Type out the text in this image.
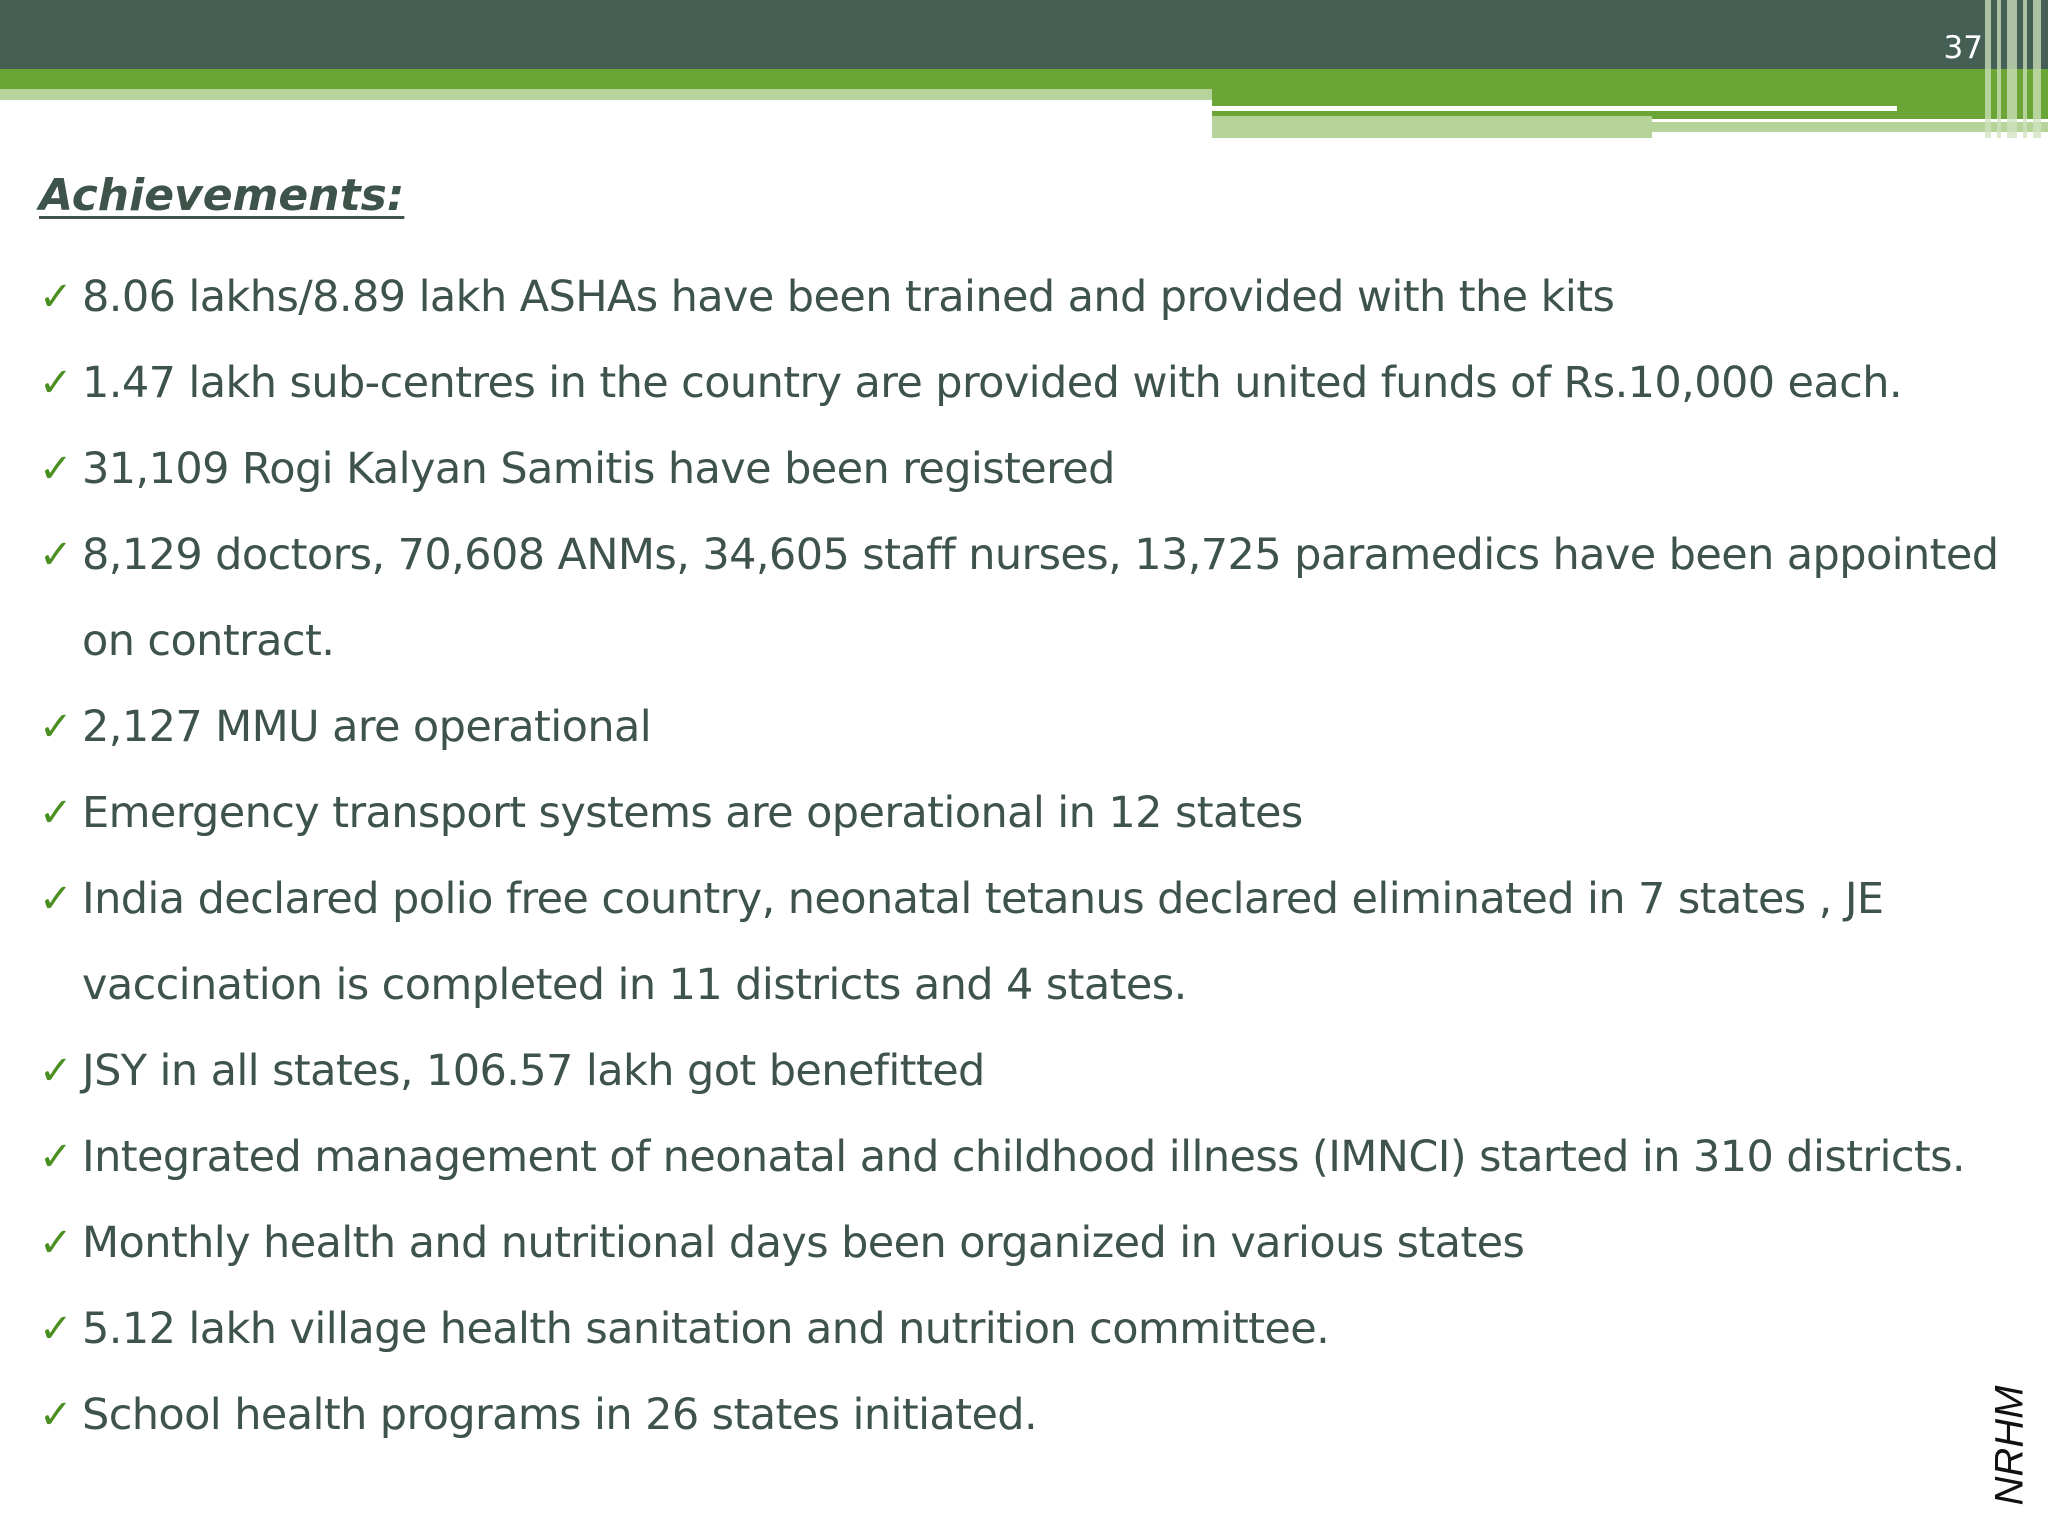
37
Achievements:
✓ 8.06 lakhs/8.89 lakh ASHAs have been trained and provided with the kits
✓ 1.47 lakh sub-centres in the country are provided with united funds of Rs.10,000 each.
✓ 31,109 Rogi Kalyan Samitis have been registered
✓ 8,129 doctors, 70,608 ANMs, 34,605 staff nurses, 13,725 paramedics have been appointed on contract.
✓ 2,127 MMU are operational
✓ Emergency transport systems are operational in 12 states
✓ India declared polio free country, neonatal tetanus declared eliminated in 7 states , JE vaccination is completed in 11 districts and 4 states.
✓ JSY in all states, 106.57 lakh got benefitted
✓ Integrated management of neonatal and childhood illness (IMNCI) started in 310 districts.
✓ Monthly health and nutritional days been organized in various states
✓ 5.12 lakh village health sanitation and nutrition committee.
✓ School health programs in 26 states initiated.	NRHM
